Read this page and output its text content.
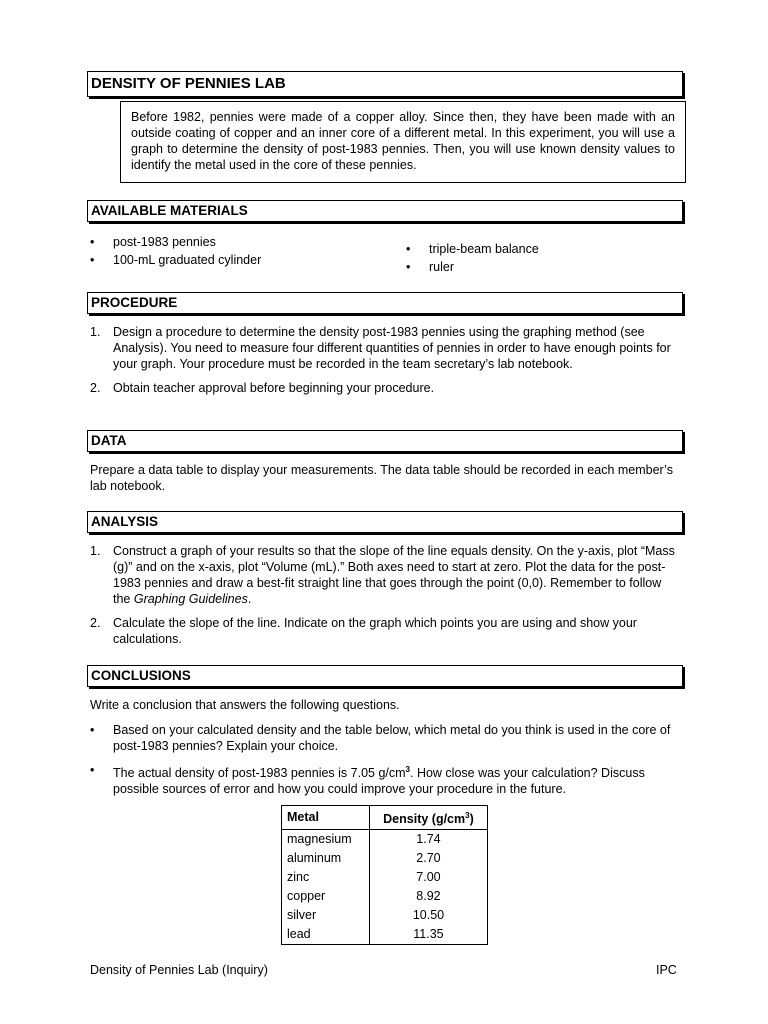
DENSITY OF PENNIES LAB
Before 1982, pennies were made of a copper alloy. Since then, they have been made with an outside coating of copper and an inner core of a different metal. In this experiment, you will use a graph to determine the density of post-1983 pennies. Then, you will use known density values to identify the metal used in the core of these pennies.
AVAILABLE MATERIALS
• post-1983 pennies
• 100-mL graduated cylinder
• triple-beam balance
• ruler
PROCEDURE
1. Design a procedure to determine the density post-1983 pennies using the graphing method (see Analysis). You need to measure four different quantities of pennies in order to have enough points for your graph. Your procedure must be recorded in the team secretary’s lab notebook.
2. Obtain teacher approval before beginning your procedure.
DATA
Prepare a data table to display your measurements. The data table should be recorded in each member’s lab notebook.
ANALYSIS
1. Construct a graph of your results so that the slope of the line equals density. On the y-axis, plot “Mass (g)” and on the x-axis, plot “Volume (mL).” Both axes need to start at zero. Plot the data for the post-1983 pennies and draw a best-fit straight line that goes through the point (0,0). Remember to follow the Graphing Guidelines.
2. Calculate the slope of the line. Indicate on the graph which points you are using and show your calculations.
CONCLUSIONS
Write a conclusion that answers the following questions.
• Based on your calculated density and the table below, which metal do you think is used in the core of post-1983 pennies? Explain your choice.
• The actual density of post-1983 pennies is 7.05 $g/cm^3$. How close was your calculation? Discuss possible sources of error and how you could improve your procedure in the future.
Metal	Density $(g/cm^3)$
magnesium	1.74
aluminum	2.70
zinc	7.00
copper	8.92
silver	10.50
lead	11.35
Density of Pennies Lab (Inquiry)	IPC
